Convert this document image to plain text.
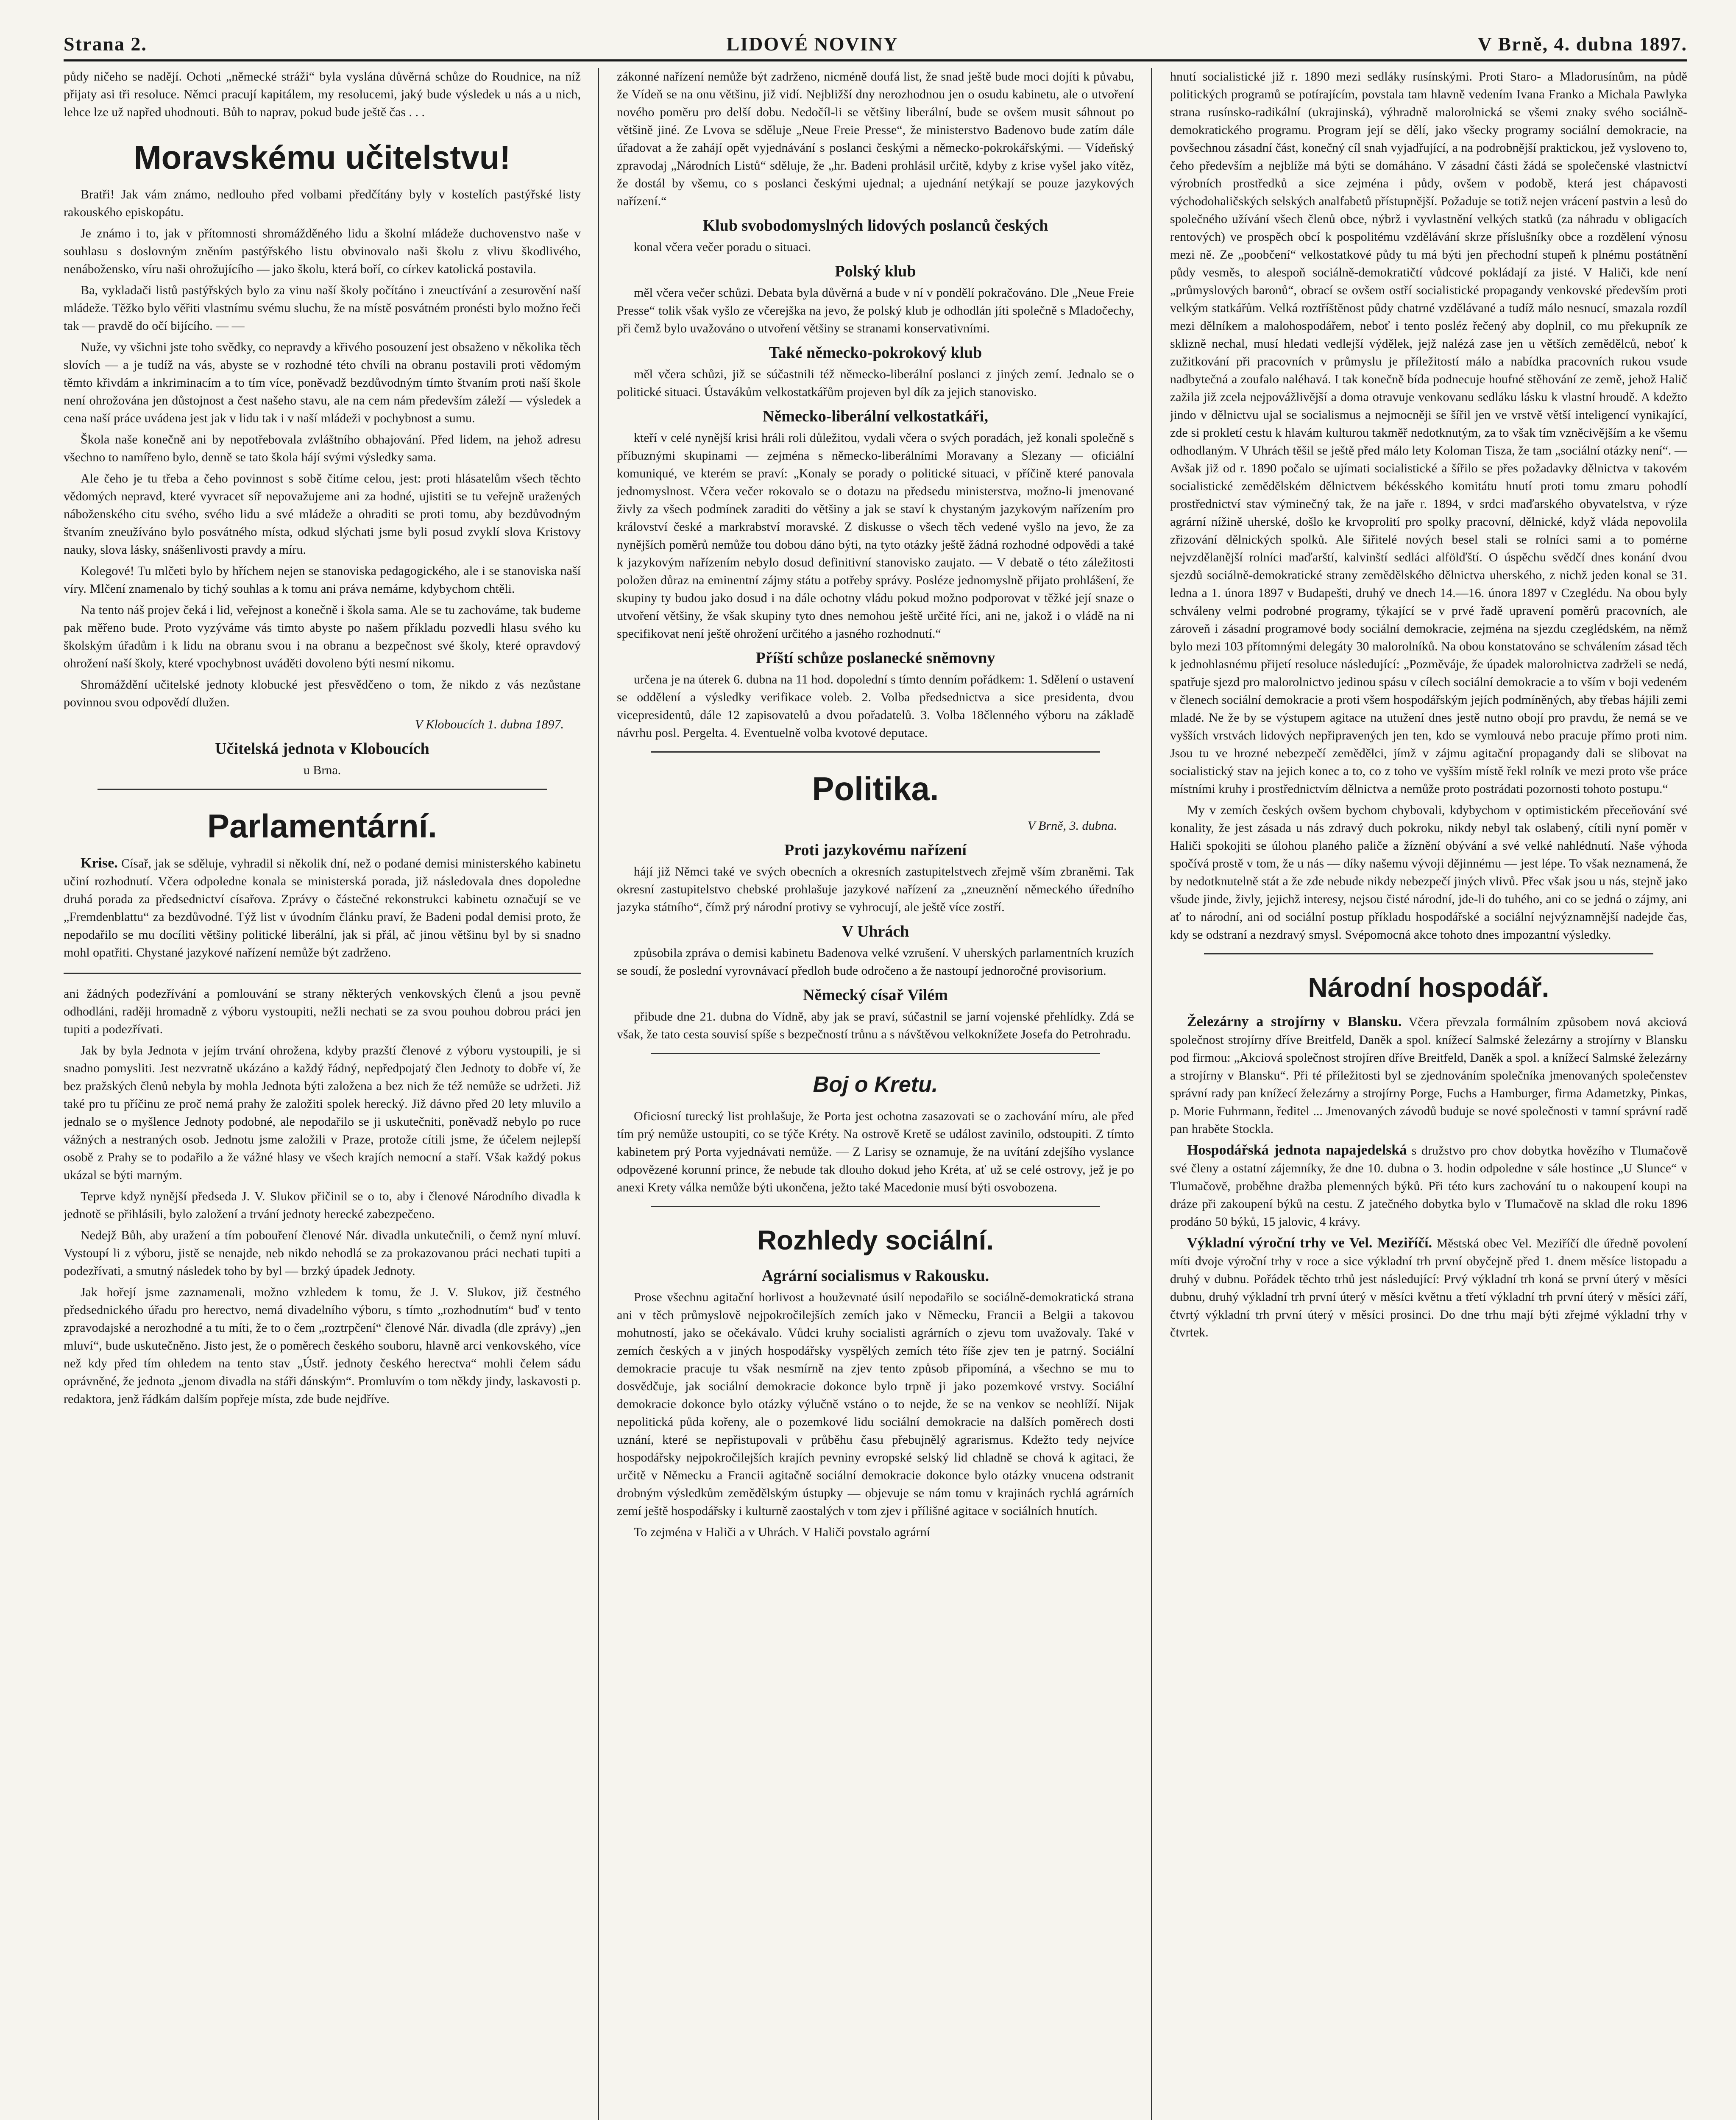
Strana 2.	LIDOVÉ NOVINY	V Brně, 4. dubna 1897.

půdy ničeho se nadějí. Ochoti „německé stráži“ byla vyslána důvěrná schůze do Roudnice, na níž přijaty asi tři resoluce. Němci pracují kapitálem, my resolucemi, jaký bude výsledek u nás a u nich, lehce lze už napřed uhodnouti. Bůh to naprav, pokud bude ještě čas . . .

Moravskému učitelstvu!

Bratři! Jak vám známo, nedlouho před volbami předčítány byly v kostelích pastýřské listy rakouského episkopátu.

Je známo i to, jak v přítomnosti shromážděného lidu a školní mládeže duchovenstvo naše v souhlasu s doslovným zněním pastýřského listu obvinovalo naši školu z vlivu škodlivého, nenábožensko, víru naši ohrožujícího — jako školu, která boří, co církev katolická postavila.

Ba, vykladači listů pastýřských bylo za vinu naší školy počítáno i zneuctívání a zesurovění naší mládeže. Těžko bylo věřiti vlastnímu svému sluchu, že na místě posvátném pronésti bylo možno řeči tak — pravdě do očí bijícího. — —

Nuže, vy všichni jste toho svědky, co nepravdy a křivého posouzení jest obsaženo v několika těch slovích — a je tudíž na vás, abyste se v rozhodné této chvíli na obranu postavili proti vědomým těmto křivdám a inkriminacím a to tím více, poněvadž bezdůvodným tímto štvaním proti naší škole není ohrožována jen důstojnost a čest našeho stavu, ale na cem nám především záleží — výsledek a cena naší práce uvádena jest jak v lidu tak i v naší mládeži v pochybnost a sumu.

Škola naše konečně ani by nepotřebovala zvláštního obhajování. Před lidem, na jehož adresu všechno to namířeno bylo, denně se tato škola hájí svými výsledky sama.

Ale čeho je tu třeba a čeho povinnost s sobě čitíme celou, jest: proti hlásatelům všech těchto vědomých nepravd, které vyvracet síř nepovažujeme ani za hodné, ujistiti se tu veřejně uražených náboženského citu svého, svého lidu a své mládeže a ohraditi se proti tomu, aby bezdůvodným štvaním zneužíváno bylo posvátného místa, odkud slýchati jsme byli posud zvyklí slova Kristovy nauky, slova lásky, snášenlivosti pravdy a míru.

Kolegové! Tu mlčeti bylo by hříchem nejen se stanoviska pedagogického, ale i se stanoviska naší víry. Mlčení znamenalo by tichý souhlas a k tomu ani práva nemáme, kdybychom chtěli.

Na tento náš projev čeká i lid, veřejnost a konečně i škola sama. Ale se tu zachováme, tak budeme pak měřeno bude. Proto vyzýváme vás timto abyste po našem příkladu pozvedli hlasu svého ku školským úřadům i k lidu na obranu svou i na obranu a bezpečnost své školy, které opravdový ohrožení naší školy, které vpochybnost uváděti dovoleno býti nesmí nikomu.

Shromáždění učitelské jednoty klobucké jest přesvědčeno o tom, že nikdo z vás nezůstane povinnou svou odpovědí dlužen.

V Kloboucích 1. dubna 1897.
Učitelská jednota v Kloboucích
u Brna.
Parlamentární.

Krise. Císař, jak se sděluje, vyhradil si několik dní, než o podané demisi ministerského kabinetu učiní rozhodnutí. Včera odpoledne konala se ministerská porada, již následovala dnes dopoledne druhá porada za předsednictví císařova. Zprávy o částečné rekonstrukci kabinetu označují se ve „Fremdenblattu“ za bezdůvodné. Týž list v úvodním článku praví, že Badeni podal demisi proto, že nepodařilo se mu docíliti většiny politické liberální, jak si přál, ač jinou většinu byl by si snadno mohl opatřiti. Chystané jazykové nařízení nemůže být zadrženo.

ani žádných podezřívání a pomlouvání se strany některých venkovských členů a jsou pevně odhodláni, raději hromadně z výboru vystoupiti, nežli nechati se za svou pouhou dobrou práci jen tupiti a podezřívati.

Jak by byla Jednota v jejím trvání ohrožena, kdyby prazští členové z výboru vystoupili, je si snadno pomysliti. Jest nezvratně ukázáno a každý řádný, nepředpojatý člen Jednoty to dobře ví, že bez pražských členů nebyla by mohla Jednota býti založena a bez nich že též nemůže se udržeti. Již také pro tu příčinu ze proč nemá prahy že založiti spolek herecký. Již dávno před 20 lety mluvilo a jednalo se o myšlence Jednoty podobné, ale nepodařilo se ji uskutečniti, poněvadž nebylo po ruce vážných a nestraných osob. Jednotu jsme založili v Praze, protože cítili jsme, že účelem nejlepší osobě z Prahy se to podařilo a že vážné hlasy ve všech krajích nemocní a staří. Však každý pokus ukázal se býti marným.

Teprve když nynější předseda J. V. Slukov přičinil se o to, aby i členové Národního divadla k jednotě se přihlásili, bylo založení a trvání jednoty herecké zabezpečeno.

Nedejž Bůh, aby uražení a tím pobouření členové Nár. divadla unkutečnili, o čemž nyní mluví. Vystoupí li z výboru, jistě se nenajde, neb nikdo nehodlá se za prokazovanou práci nechati tupiti a podezřívati, a smutný následek toho by byl — brzký úpadek Jednoty.

Jak hořejí jsme zaznamenali, možno vzhledem k tomu, že J. V. Slukov, již čestného předsednického úřadu pro herectvo, nemá divadelního výboru, s tímto „rozhodnutím“ buď v tento zpravodajské a nerozhodné a tu míti, že to o čem „roztrpčení“ členové Nár. divadla (dle zprávy) „jen mluví“, bude uskutečněno. Jisto jest, že o poměrech českého souboru, hlavně arci venkovského, více než kdy před tím ohledem na tento stav „Ústř. jednoty českého herectva“ mohli čelem sádu oprávněné, že jednota „jenom divadla na stáři dánským“. Promluvím o tom někdy jindy, laskavosti p. redaktora, jenž řádkám dalším popřeje místa, zde bude nejdříve.

zákonné nařízení nemůže být zadrženo, nicméně doufá list, že snad ještě bude moci dojíti k půvabu, že Vídeň se na onu většinu, již vidí. Nejbližší dny nerozhodnou jen o osudu kabinetu, ale o utvoření nového poměru pro delší dobu. Nedočíl-li se většiny liberální, bude se ovšem musit sáhnout po většině jiné. Ze Lvova se sděluje „Neue Freie Presse“, že ministerstvo Badenovo bude zatím dále úřadovat a že zahájí opět vyjednávání s poslanci českými a německo-pokrokářskými. — Vídeňský zpravodaj „Národních Listů“ sděluje, že „hr. Badeni prohlásil určitě, kdyby z krise vyšel jako vítěz, že dostál by všemu, co s poslanci českými ujednal; a ujednání netýkají se pouze jazykových nařízení.“

Klub svobodomyslných lidových poslanců českých

konal včera večer poradu o situaci.

Polský klub

měl včera večer schůzi. Debata byla důvěrná a bude v ní v pondělí pokračováno. Dle „Neue Freie Presse“ tolik však vyšlo ze včerejška na jevo, že polský klub je odhodlán jíti společně s Mladočechy, při čemž bylo uvažováno o utvoření většiny se stranami konservativními.

Také německo-pokrokový klub

měl včera schůzi, již se súčastnili též německo-liberální poslanci z jiných zemí. Jednalo se o politické situaci. Ústavákům velkostatkářům projeven byl dík za jejich stanovisko.

Německo-liberální velkostatkáři,

kteří v celé nynější krisi hráli roli důležitou, vydali včera o svých poradách, jež konali společně s příbuznými skupinami — zejména s německo-liberálními Moravany a Slezany — oficiální komuniqué, ve kterém se praví: „Konaly se porady o politické situaci, v příčině které panovala jednomyslnost. Včera večer rokovalo se o dotazu na předsedu ministerstva, možno-li jmenované živly za všech podmínek zaraditi do většiny a jak se staví k chystaným jazykovým nařízením pro království české a markrabství moravské. Z diskusse o všech těch vedené vyšlo na jevo, že za nynějších poměrů nemůže tou dobou dáno býti, na tyto otázky ještě žádná rozhodné odpovědi a také k jazykovým nařízením nebylo dosud definitivní stanovisko zaujato. — V debatě o této záležitosti položen důraz na eminentní zájmy státu a potřeby správy. Posléze jednomyslně přijato prohlášení, že skupiny ty budou jako dosud i na dále ochotny vládu pokud možno podporovat v těžké její snaze o utvoření většiny, že však skupiny tyto dnes nemohou ještě určité říci, ani ne, jakož i o vládě na ni specifikovat není ještě ohrožení určitého a jasného rozhodnutí.“

Příští schůze poslanecké sněmovny

určena je na úterek 6. dubna na 11 hod. dopolední s tímto denním pořádkem: 1. Sdělení o ustavení se oddělení a výsledky verifikace voleb. 2. Volba předsednictva a sice presidenta, dvou vicepresidentů, dále 12 zapisovatelů a dvou pořadatelů. 3. Volba 18členného výboru na základě návrhu posl. Pergelta. 4. Eventuelně volba kvotové deputace.

Politika.
V Brně, 3. dubna.
Proti jazykovému nařízení

hájí již Němci také ve svých obecních a okresních zastupitelstvech zřejmě vším zbraněmi. Tak okresní zastupitelstvo chebské prohlašuje jazykové nařízení za „zneuznění německého úředního jazyka státního“, čímž prý národní protivy se vyhrocují, ale ještě více zostří.

V Uhrách

způsobila zpráva o demisi kabinetu Badenova velké vzrušení. V uherských parlamentních kruzích se soudí, že poslední vyrovnávací předloh bude odročeno a že nastoupí jednoročné provisorium.

Německý císař Vilém

přibude dne 21. dubna do Vídně, aby jak se praví, súčastnil se jarní vojenské přehlídky. Zdá se však, že tato cesta souvisí spíše s bezpečností trůnu a s návštěvou velkoknížete Josefa do Petrohradu.

Boj o Kretu.

Oficiosní turecký list prohlašuje, že Porta jest ochotna zasazovati se o zachování míru, ale před tím prý nemůže ustoupiti, co se týče Kréty. Na ostrově Kretě se událost zavinilo, odstoupiti. Z tímto kabinetem prý Porta vyjednávati nemůže. — Z Larisy se oznamuje, že na uvítání zdejšího vyslance odpovězené korunní prince, že nebude tak dlouho dokud jeho Kréta, ať už se celé ostrovy, jež je po anexi Krety válka nemůže býti ukončena, ježto také Macedonie musí býti osvobozena.

Rozhledy sociální.
Agrární socialismus v Rakousku.

Prose všechnu agitační horlivost a houževnaté úsilí nepodařilo se sociálně-demokratická strana ani v těch průmyslově nejpokročilejších zemích jako v Německu, Francii a Belgii a takovou mohutností, jako se očekávalo. Vůdci kruhy socialisti agrárních o zjevu tom uvažovaly. Také v zemích českých a v jiných hospodářsky vyspělých zemích této říše zjev ten je patrný. Sociální demokracie pracuje tu však nesmírně na zjev tento způsob připomíná, a všechno se mu to dosvědčuje, jak sociální demokracie dokonce bylo trpně ji jako pozemkové vrstvy. Sociální demokracie dokonce bylo otázky výlučně vstáno o to nejde, že se na venkov se neohlíží. Nijak nepolitická půda kořeny, ale o pozemkové lidu sociální demokracie na dalších poměrech dosti uznání, které se nepřistupovali v průběhu času přebujnělý agrarismus. Kdežto tedy nejvíce hospodářsky nejpokročilejších krajích pevniny evropské selský lid chladně se chová k agitaci, že určitě v Německu a Francii agitačně sociální demokracie dokonce bylo otázky vnucena odstranit drobným výsledkům zemědělským ústupky — objevuje se nám tomu v krajinách rychlá agrárních zemí ještě hospodářsky i kulturně zaostalých v tom zjev i přílišné agitace v sociálních hnutích.

To zejména v Haliči a v Uhrách. V Haliči povstalo agrární

hnutí socialistické již r. 1890 mezi sedláky rusínskými. Proti Staro- a Mladorusínům, na půdě politických programů se potírajícím, povstala tam hlavně vedením Ivana Franko a Michala Pawlyka strana rusínsko-radikální (ukrajinská), výhradně malorolnická se všemi znaky svého sociálně-demokratického programu. Program její se dělí, jako všecky programy sociální demokracie, na povšechnou zásadní část, konečný cíl snah vyjadřující, a na podrobnější praktickou, jež vysloveno to, čeho především a nejblíže má býti se domáháno. V zásadní části žádá se společenské vlastnictví výrobních prostředků a sice zejména i půdy, ovšem v podobě, která jest chápavosti východohaličských selských analfabetů přístupnější. Požaduje se totiž nejen vrácení pastvin a lesů do společného užívání všech členů obce, nýbrž i vyvlastnění velkých statků (za náhradu v obligacích rentových) ve prospěch obcí k pospolitému vzdělávání skrze příslušníky obce a rozdělení výnosu mezi ně. Ze „poobčení“ velkostatkové půdy tu má býti jen přechodní stupeň k plnému postátnění půdy vesměs, to alespoň sociálně-demokratičtí vůdcové pokládají za jisté. V Haliči, kde není „průmyslových baronů“, obrací se ovšem ostří socialistické propagandy venkovské především proti velkým statkářům. Velká roztříštěnost půdy chatrné vzdělávané a tudíž málo nesnucí, smazala rozdíl mezi dělníkem a malohospodářem, neboť i tento posléz řečený aby doplnil, co mu překupník ze sklizně nechal, musí hledati vedlejší výdělek, jejž nalézá zase jen u větších zemědělců, neboť k zužitkování při pracovních v průmyslu je příležitostí málo a nabídka pracovních rukou vsude nadbytečná a zoufalo naléhavá. I tak konečně bída podnecuje houfné stěhování ze země, jehož Halič zažila již zcela nejpovážlivější a doma otravuje venkovanu sedláku lásku k vlastní hroudě. A kdežto jindo v dělnictvu ujal se socialismus a nejmocněji se šířil jen ve vrstvě větší inteligencí vynikající, zde si prokletí cestu k hlavám kulturou takměř nedotknutým, za to však tím vzněcivějším a ke všemu odhodlaným. V Uhrách těšil se ještě před málo lety Koloman Tisza, že tam „sociální otázky není“. — Avšak již od r. 1890 počalo se ujímati socialistické a šířilo se přes požadavky dělnictva v takovém socialistické zemědělském dělnictvem békésského komitátu hnutí proti tomu zmaru pohodlí prostřednictví stav výminečný tak, že na jaře r. 1894, v srdci maďarského obyvatelstva, v rýze agrární nížině uherské, došlo ke krvoprolití pro spolky pracovní, dělnické, když vláda nepovolila zřizování dělnických spolků. Ale šiřitelé nových besel stali se rolníci sami a to pomérne nejvzdělanější rolníci maďarští, kalvinští sedláci alfölďští. O úspěchu svědčí dnes konání dvou sjezdů sociálně-demokratické strany zemědělského dělnictva uherského, z nichž jeden konal se 31. ledna a 1. února 1897 v Budapešti, druhý ve dnech 14.—16. února 1897 v Czeglédu. Na obou byly schváleny velmi podrobné programy, týkající se v prvé řadě upravení poměrů pracovních, ale zároveň i zásadní programové body sociální demokracie, zejména na sjezdu czeglédském, na němž bylo mezi 103 přítomnými delegáty 30 malorolníků. Na obou konstatováno se schválením zásad těch k jednohlasnému přijetí resoluce následující: „Pozměváje, že úpadek malorolnictva zadrželi se nedá, spatřuje sjezd pro malorolnictvo jedinou spásu v cílech sociální demokracie a to vším v boji vedeném v členech sociální demokracie a proti všem hospodářským jejích podmíněných, aby třebas hájili zemi mladé. Ne že by se výstupem agitace na utužení dnes jestě nutno obojí pro pravdu, že nemá se ve vyšších vrstvách lidových nepřipravených jen ten, kdo se vymlouvá nebo pracuje přímo proti nim. Jsou tu ve hrozné nebezpečí zemědělci, jímž v zájmu agitační propagandy dali se slibovat na socialistický stav na jejich konec a to, co z toho ve vyšším místě řekl rolník ve mezi proto vše práce místními kruhy i prostřednictvím dělnictva a nemůže proto postrádati pozornosti tohoto postupu.“

My v zemích českých ovšem bychom chybovali, kdybychom v optimistickém přeceňování své konality, že jest zásada u nás zdravý duch pokroku, nikdy nebyl tak oslabený, cítili nyní poměr v Haliči spokojiti se úlohou planého paliče a žíznění obývání a své velké nahlédnutí. Naše výhoda spočívá prostě v tom, že u nás — díky našemu vývoji dějinnému — jest lépe. To však neznamená, že by nedotknutelně stát a že zde nebude nikdy nebezpečí jiných vlivů. Přec však jsou u nás, stejně jako všude jinde, živly, jejichž interesy, nejsou čisté národní, jde-li do tuhého, ani co se jedná o zájmy, ani ať to národní, ani od sociální postup příkladu hospodářské a sociální nejvýznamnější nadejde čas, kdy se odstraní a nezdravý smysl. Svépomocná akce tohoto dnes impozantní výsledky.

Národní hospodář.

Železárny a strojírny v Blansku. Včera převzala formálním způsobem nová akciová společnost strojírny dříve Breitfeld, Daněk a spol. knížecí Salmské železárny a strojírny v Blansku pod firmou: „Akciová společnost strojíren dříve Breitfeld, Daněk a spol. a knížecí Salmské železárny a strojírny v Blansku“. Při té příležitosti byl se zjednováním společníka jmenovaných společenstev správní rady pan knížecí železárny a strojírny Porge, Fuchs a Hamburger, firma Adametzky, Pinkas, p. Morie Fuhrmann, ředitel ... Jmenovaných závodů buduje se nové společnosti v tamní správní radě pan hraběte Stockla.

Hospodářská jednota napajedelská s družstvo pro chov dobytka hovězího v Tlumačově své členy a ostatní zájemníky, že dne 10. dubna o 3. hodin odpoledne v sále hostince „U Slunce“ v Tlumačově, proběhne dražba plemenných býků. Při této kurs zachování tu o nakoupení koupi na dráze při zakoupení býků na cestu. Z jatečného dobytka bylo v Tlumačově na sklad dle roku 1896 prodáno 50 býků, 15 jalovic, 4 krávy.

Výkladní výroční trhy ve Vel. Meziříčí. Městská obec Vel. Meziříčí dle úředně povolení míti dvoje výroční trhy v roce a sice výkladní trh první obyčejně před 1. dnem měsíce listopadu a druhý v dubnu. Pořádek těchto trhů jest následující: Prvý výkladní trh koná se první úterý v měsíci dubnu, druhý výkladní trh první úterý v měsíci květnu a třetí výkladní trh první úterý v měsíci září, čtvrtý výkladní trh první úterý v měsíci prosinci. Do dne trhu mají býti zřejmé výkladní trhy v čtvrtek.
